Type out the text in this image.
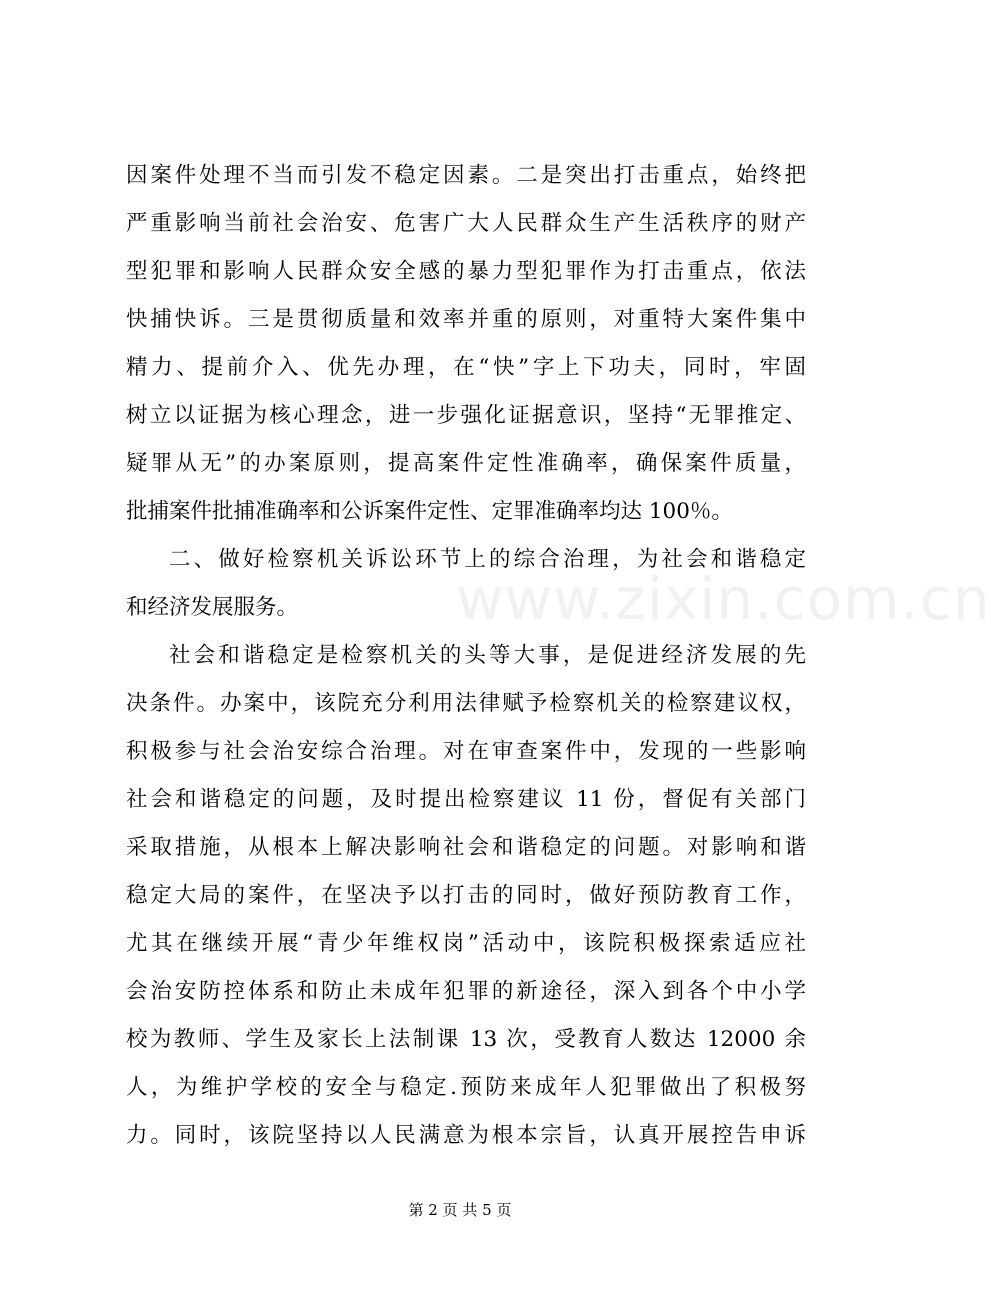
www.zixin.com.cn
因案件处理不当而引发不稳定因素。二是突出打击重点，始终把
严重影响当前社会治安、危害广大人民群众生产生活秩序的财产
型犯罪和影响人民群众安全感的暴力型犯罪作为打击重点，依法
快捕快诉。三是贯彻质量和效率并重的原则，对重特大案件集中
精力、提前介入、优先办理，在“快”字上下功夫，同时，牢固
树立以证据为核心理念，进一步强化证据意识，坚持“无罪推定、
疑罪从无”的办案原则，提高案件定性准确率，确保案件质量，
批捕案件批捕准确率和公诉案件定性、定罪准确率均达 100％。
二、做好检察机关诉讼环节上的综合治理，为社会和谐稳定
和经济发展服务。
社会和谐稳定是检察机关的头等大事，是促进经济发展的先
决条件。办案中，该院充分利用法律赋予检察机关的检察建议权，
积极参与社会治安综合治理。对在审查案件中，发现的一些影响
社会和谐稳定的问题，及时提出检察建议 11 份，督促有关部门
采取措施，从根本上解决影响社会和谐稳定的问题。对影响和谐
稳定大局的案件，在坚决予以打击的同时，做好预防教育工作，
尤其在继续开展“青少年维权岗”活动中，该院积极探索适应社
会治安防控体系和防止未成年犯罪的新途径，深入到各个中小学
校为教师、学生及家长上法制课 13 次，受教育人数达 12000 余
人，为维护学校的安全与稳定.预防来成年人犯罪做出了积极努
力。同时，该院坚持以人民满意为根本宗旨，认真开展控告申诉
第 2 页 共 5 页
